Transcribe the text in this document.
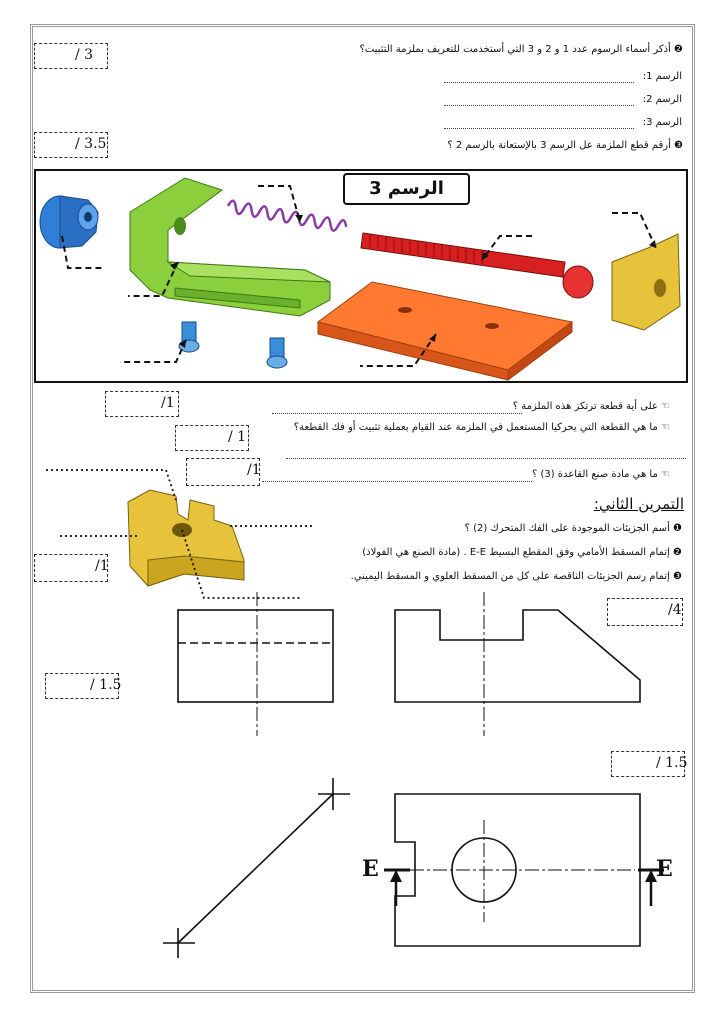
/ 3
/ 3.5
/1
/ 1
/1
/1
/4
/ 1.5
/ 1.5
❷ أذكر أسماء الرسوم عدد 1 و 2 و 3 التي أستخدمت للتعريف بملزمة التثبيت؟
الرسم 1:
الرسم 2:
الرسم 3:
❸ أرقم قطع الملزمة عل الرسم 3 بالإستعانة بالرسم 2 ؟
الرسم 3
☜ على أية قطعة ترتكز هذه الملزمة ؟
☜ ما هي القطعة التي يحركيا المستعمل في الملزمة عند القيام بعملية تثبيت أو فك القطعة؟
☜ ما هي مادة صنع القاعدة (3) ؟
التمرين الثاني:
❶ أسم الجزيئات الموجودة على الفك المتحرك (2) ؟
❷ إتمام المسقط الأمامي وفق المقطع البسيط E-E . (مادة الصنع هي الفولاذ)
❸ إتمام رسم الجزيئات الناقصة على كل من المسقط العلوي و المسقط اليميني.
E	E
